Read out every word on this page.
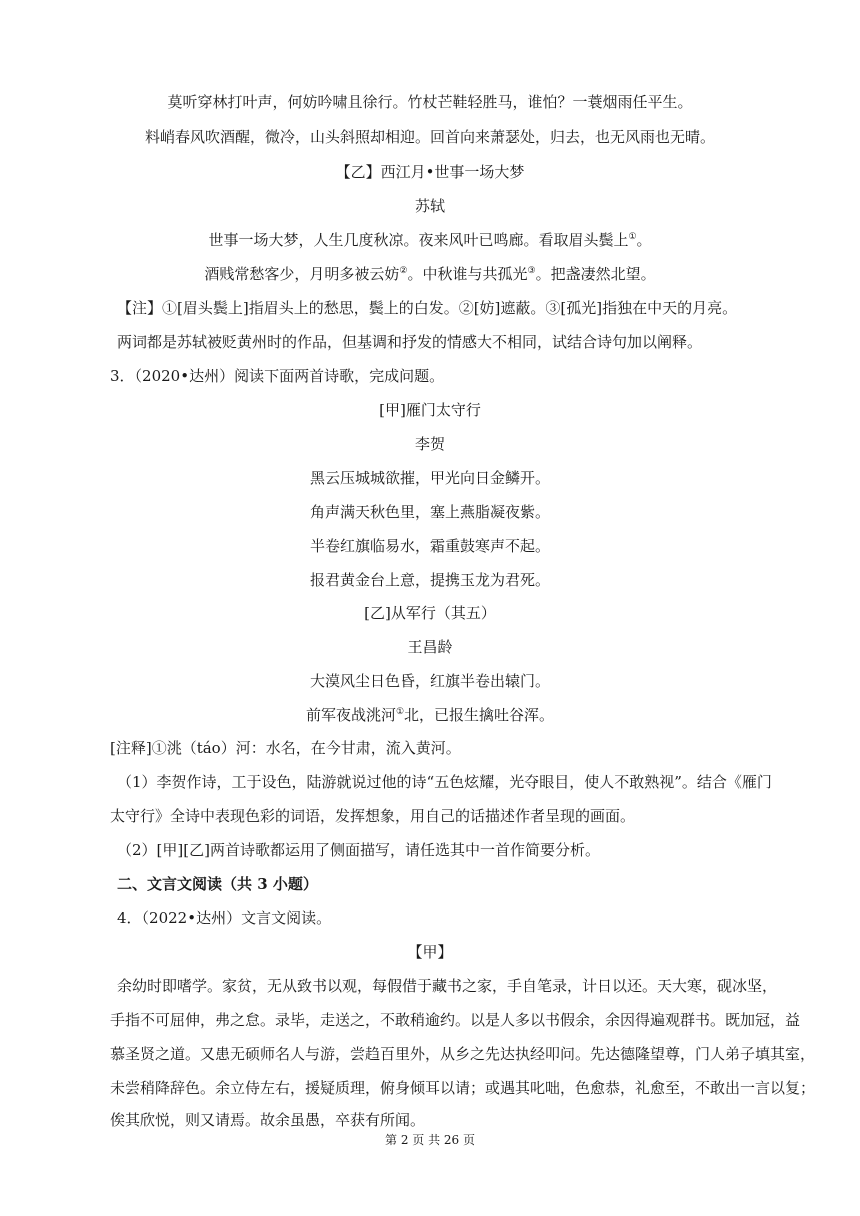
莫听穿林打叶声，何妨吟啸且徐行。竹杖芒鞋轻胜马，谁怕？一蓑烟雨任平生。
料峭春风吹酒醒，微冷，山头斜照却相迎。回首向来萧瑟处，归去，也无风雨也无晴。
【乙】西江月•世事一场大梦
苏轼
世事一场大梦，人生几度秋凉。夜来风叶已鸣廊。看取眉头鬓上①。
酒贱常愁客少，月明多被云妨②。中秋谁与共孤光③。把盏凄然北望。
【注】①[眉头鬓上]指眉头上的愁思，鬓上的白发。②[妨]遮蔽。③[孤光]指独在中天的月亮。
两词都是苏轼被贬黄州时的作品，但基调和抒发的情感大不相同，试结合诗句加以阐释。
3．（2020•达州）阅读下面两首诗歌，完成问题。
[甲]雁门太守行
李贺
黑云压城城欲摧，甲光向日金鳞开。
角声满天秋色里，塞上燕脂凝夜紫。
半卷红旗临易水，霜重鼓寒声不起。
报君黄金台上意，提携玉龙为君死。
[乙]从军行（其五）
王昌龄
大漠风尘日色昏，红旗半卷出辕门。
前军夜战洮河①北，已报生擒吐谷浑。
[注释]①洮（táo）河：水名，在今甘肃，流入黄河。
（1）李贺作诗，工于设色，陆游就说过他的诗“五色炫耀，光夺眼目，使人不敢熟视”。结合《雁门
太守行》全诗中表现色彩的词语，发挥想象，用自己的话描述作者呈现的画面。
（2）[甲][乙]两首诗歌都运用了侧面描写，请任选其中一首作简要分析。
二、文言文阅读（共 3 小题）
4．（2022•达州）文言文阅读。
【甲】
余幼时即嗜学。家贫，无从致书以观，每假借于藏书之家，手自笔录，计日以还。天大寒，砚冰坚，
手指不可屈伸，弗之怠。录毕，走送之，不敢稍逾约。以是人多以书假余，余因得遍观群书。既加冠，益
慕圣贤之道。又患无硕师名人与游，尝趋百里外，从乡之先达执经叩问。先达德隆望尊，门人弟子填其室，
未尝稍降辞色。余立侍左右，援疑质理，俯身倾耳以请；或遇其叱咄，色愈恭，礼愈至，不敢出一言以复；
俟其欣悦，则又请焉。故余虽愚，卒获有所闻。
第 2 页 共 26 页
